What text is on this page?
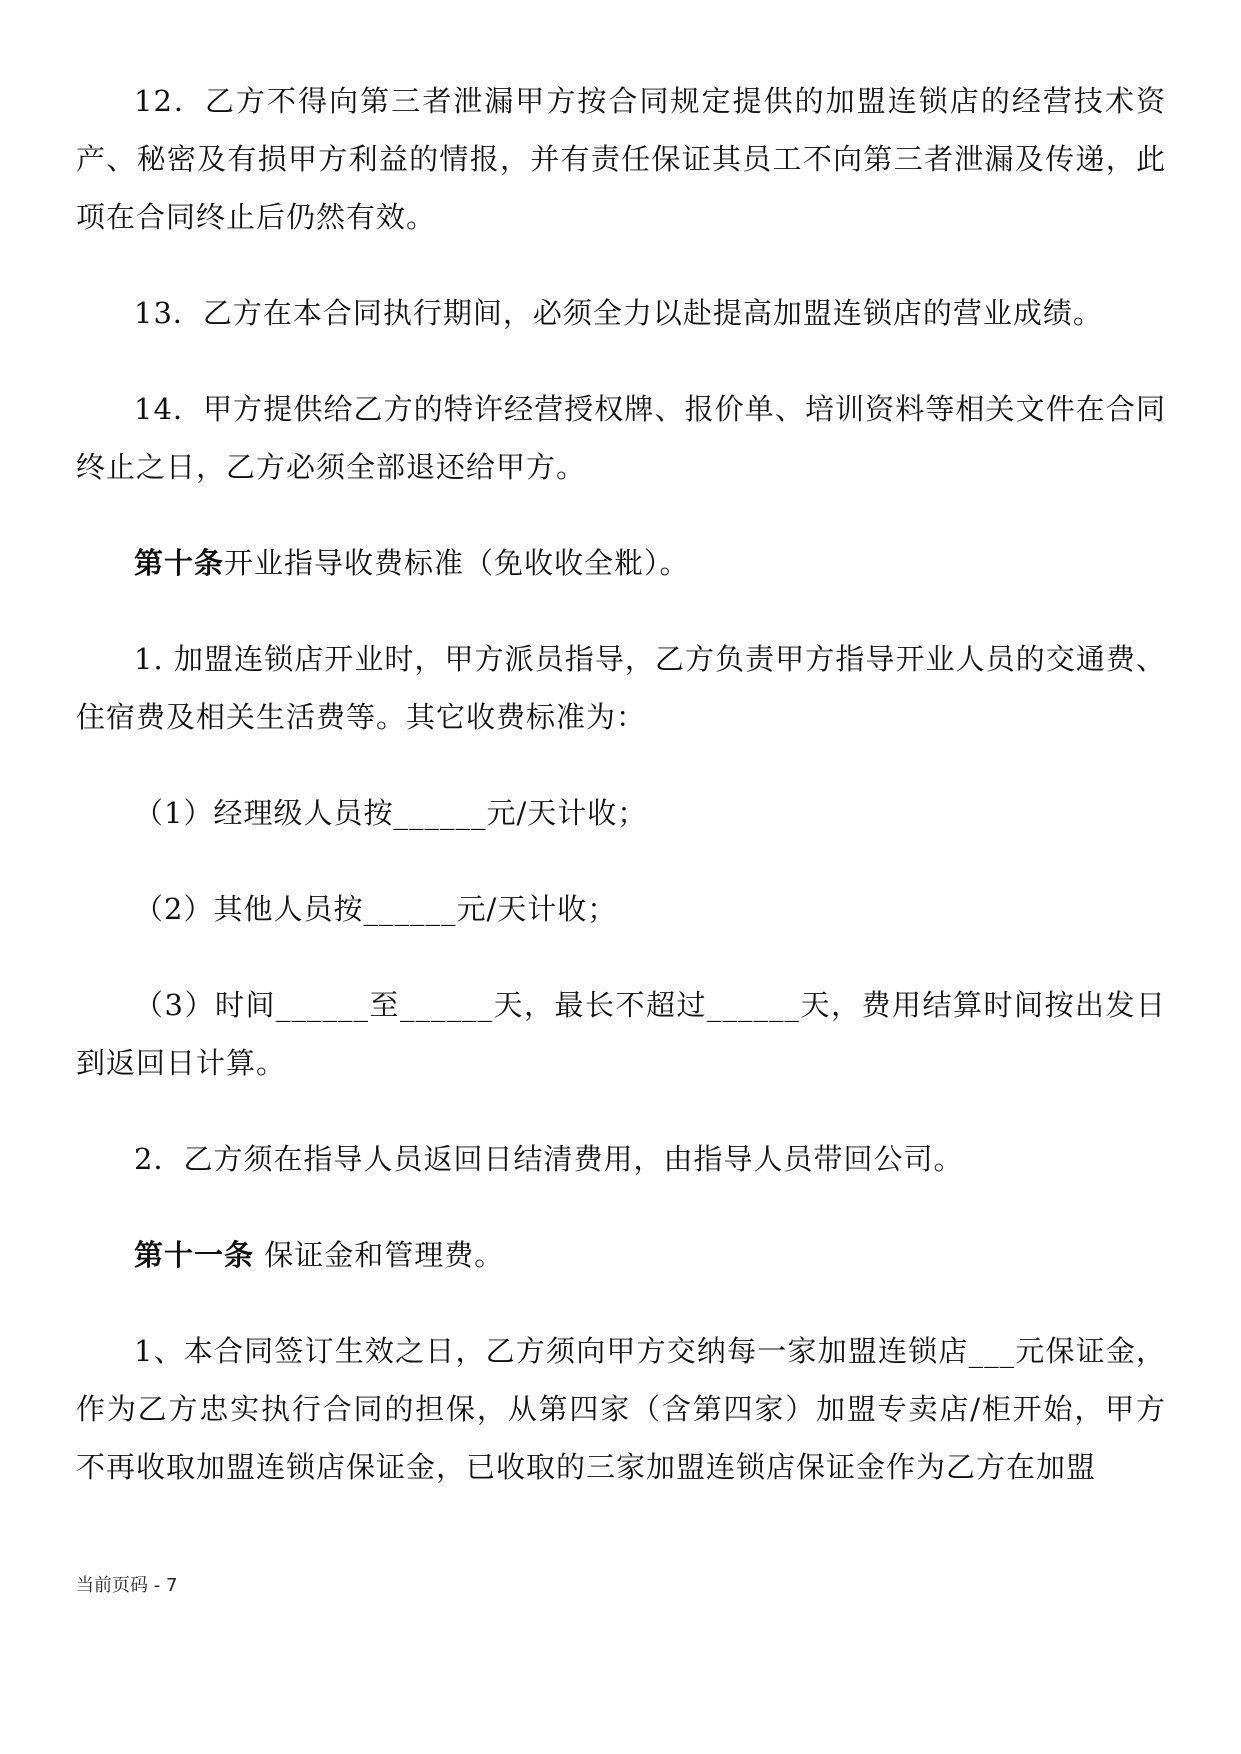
12．乙方不得向第三者泄漏甲方按合同规定提供的加盟连锁店的经营技术资产、秘密及有损甲方利益的情报，并有责任保证其员工不向第三者泄漏及传递，此项在合同终止后仍然有效。

13．乙方在本合同执行期间，必须全力以赴提高加盟连锁店的营业成绩。

14．甲方提供给乙方的特许经营授权牌、报价单、培训资料等相关文件在合同终止之日，乙方必须全部退还给甲方。

第十条开业指导收费标准（免收收全粃）。

1. 加盟连锁店开业时，甲方派员指导，乙方负责甲方指导开业人员的交通费、住宿费及相关生活费等。其它收费标准为：

（1）经理级人员按______元/天计收；

（2）其他人员按______元/天计收；

（3）时间______至______天，最长不超过______天，费用结算时间按出发日到返回日计算。

2．乙方须在指导人员返回日结清费用，由指导人员带回公司。

第十一条 保证金和管理费。

1、本合同签订生效之日，乙方须向甲方交纳每一家加盟连锁店___元保证金，作为乙方忠实执行合同的担保，从第四家（含第四家）加盟专卖店/柜开始，甲方不再收取加盟连锁店保证金，已收取的三家加盟连锁店保证金作为乙方在加盟

当前页码 - 7
